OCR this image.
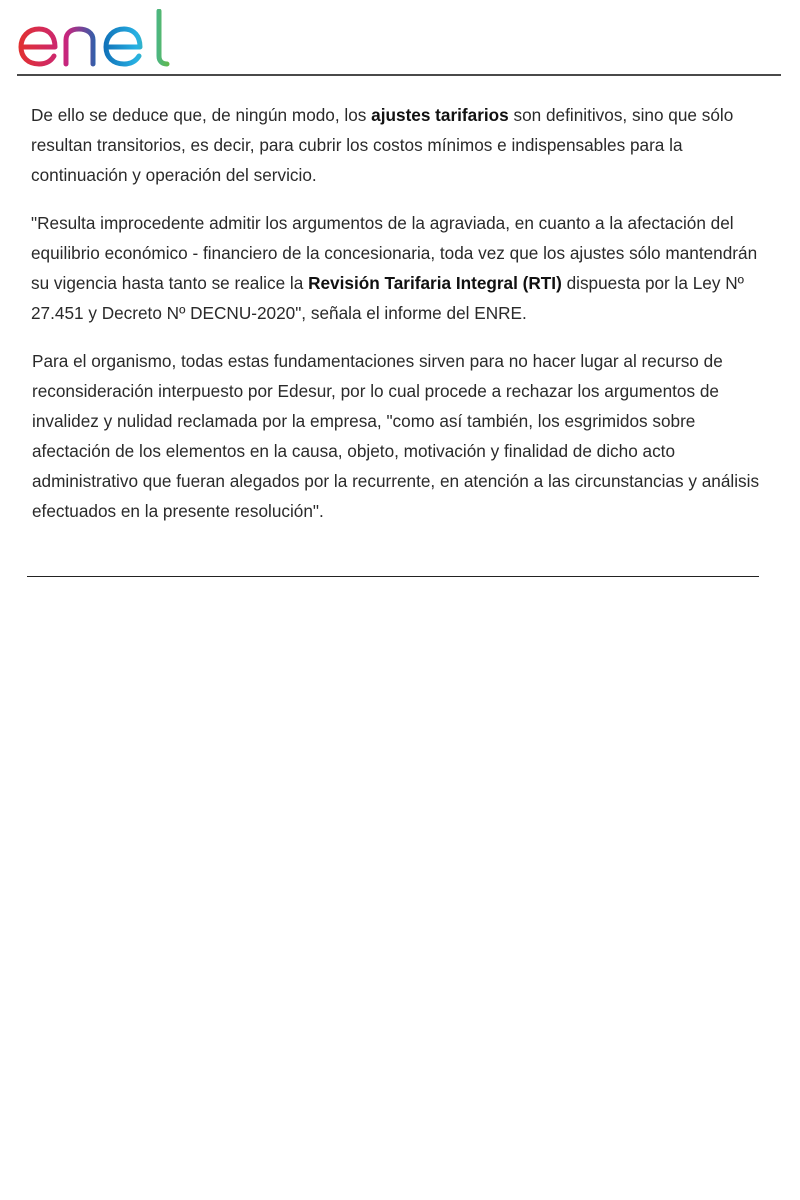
De ello se deduce que, de ningún modo, los ajustes tarifarios son definitivos, sino que sólo resultan transitorios, es decir, para cubrir los costos mínimos e indispensables para la continuación y operación del servicio.

"Resulta improcedente admitir los argumentos de la agraviada, en cuanto a la afectación del equilibrio económico - financiero de la concesionaria, toda vez que los ajustes sólo mantendrán su vigencia hasta tanto se realice la Revisión Tarifaria Integral (RTI) dispuesta por la Ley Nº 27.451 y Decreto Nº DECNU-2020", señala el informe del ENRE.

Para el organismo, todas estas fundamentaciones sirven para no hacer lugar al recurso de reconsideración interpuesto por Edesur, por lo cual procede a rechazar los argumentos de invalidez y nulidad reclamada por la empresa, "como así también, los esgrimidos sobre afectación de los elementos en la causa, objeto, motivación y finalidad de dicho acto administrativo que fueran alegados por la recurrente, en atención a las circunstancias y análisis efectuados en la presente resolución".
